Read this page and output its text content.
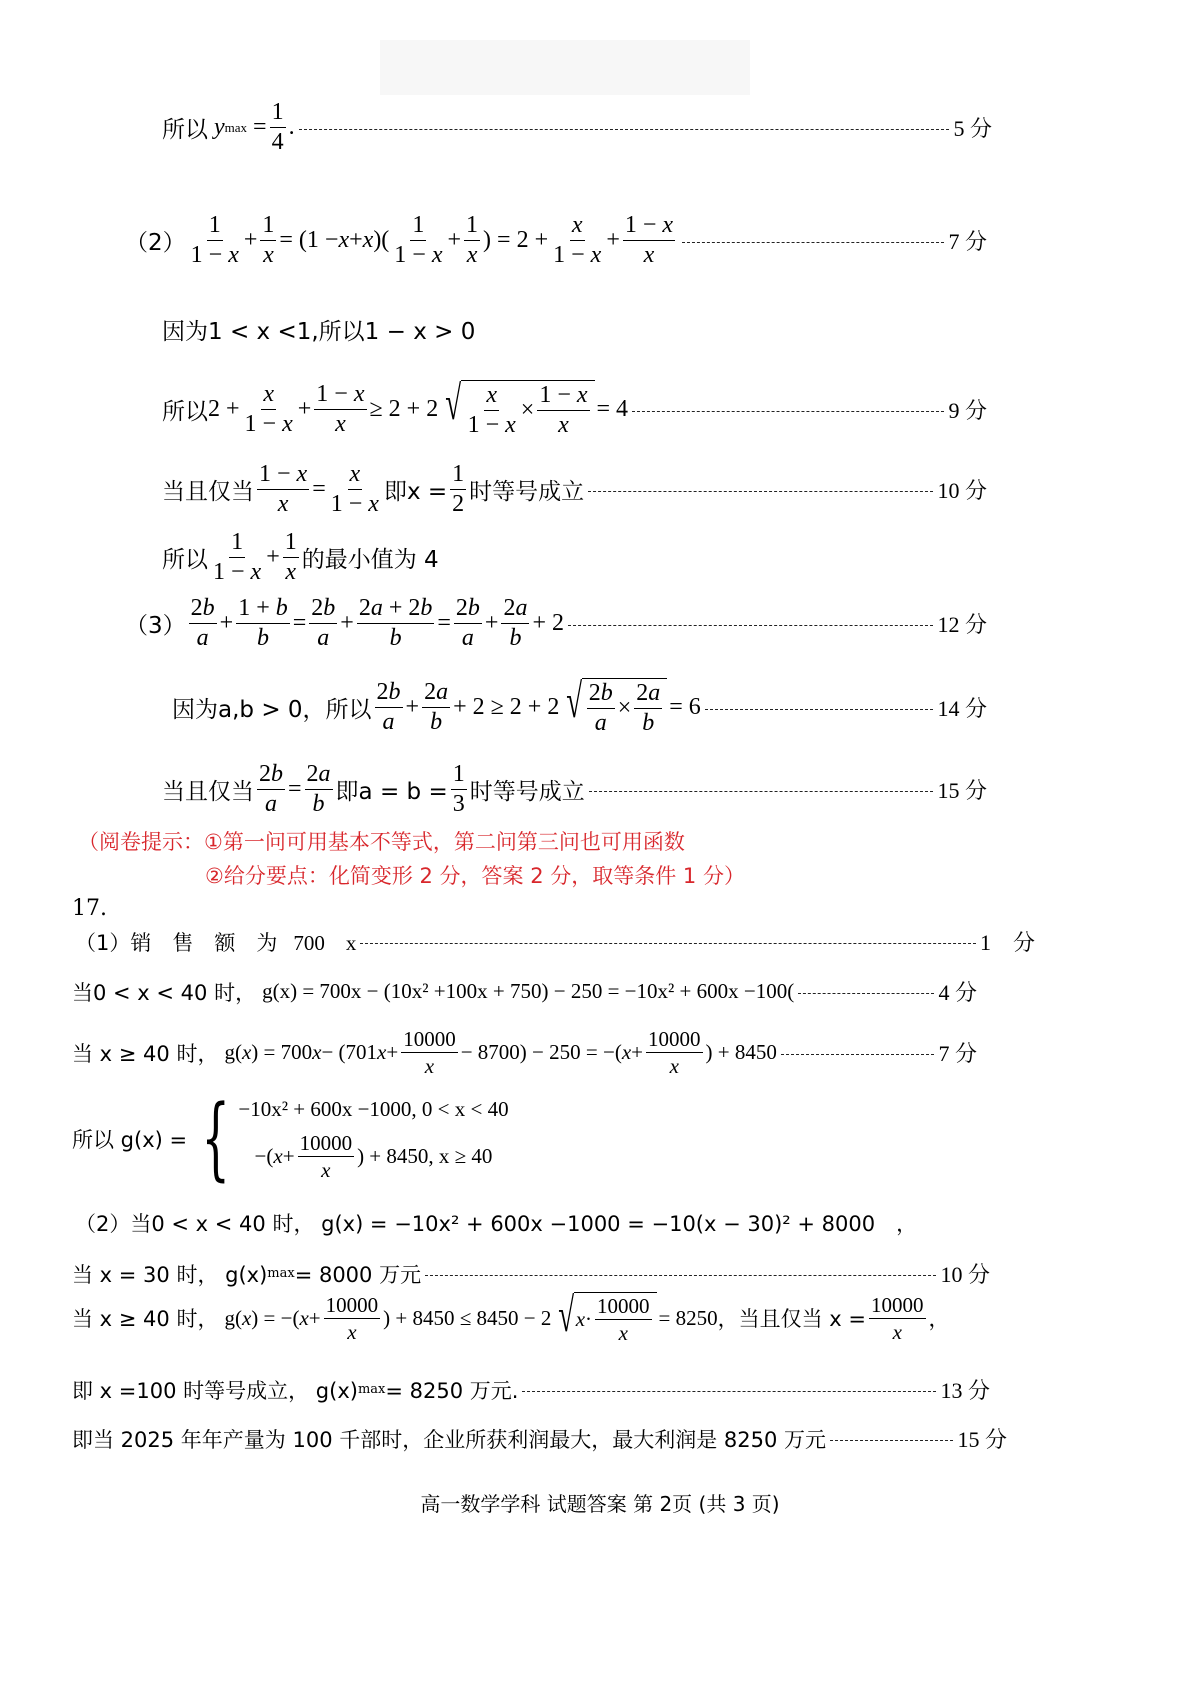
所以
y $\max = \frac{1}{4}$ .	5 分
$(2) \frac{1}{1 - x} + \frac{1}{x} = (1 - x + x$ )( $\frac{1}{1 - x} + \frac{1}{x}$ ) = $2 + \frac{x}{1 - x} + \frac{1 - x}{x}$	7 分
因为1 < x <1,所以1 − x > 0
所以 $2 + \frac{x}{1 - x} + \frac{1 - x}{x} \ge 2 + 2$ √ $\frac{x}{1 - x} \times \frac{1 - x}{x} = 4$	9 分
当且仅当 $\frac{1 - x}{x} = \frac{x}{1 - x}$ 即$x = \frac{1}{2}$ 时等号成立	10 分
所以 $\frac{1}{1 - x} + \frac{1}{x}$ 的最小值为 4
$(3) \frac{2b}{a} + \frac{1 + b}{b} = \frac{2b}{a} + \frac{2a + 2b}{b} = \frac{2b}{a} + \frac{2a}{b} + 2$	12 分
因为 a,b > 0，所以 $\frac{2b}{a} + \frac{2a}{b} + 2 \ge 2 + 2$ √ $\frac{2b}{a} \times \frac{2a}{b} = 6$	14 分
当且仅当 $\frac{2b}{a} = \frac{2a}{b}$ 即$a = b = \frac{1}{3}$ 时等号成立	15 分
（阅卷提示：①第一问可用基本不等式，第二问第三问也可用函数
②给分要点：化简变形 2 分，答案 2 分，取等条件 1 分）
17.
（1）销　售　额　为 700　x	1　分
当0 < x < 40 时， g(x) = 700x − (10x² +100x + 750) − 250 = −10x² + 600x −100(	4 分
当 x ≥ 40 时， g( x ) = 700 x − (701 $x + \frac{10000}{x} - 8700) - 250$ = −( $x + \frac{10000}{x}$ ) + 8450	7 分
所以 g(x) = { −10x² + 600x −1000, 0 < x < 40
−( $x + \frac{10000}{x}$ ) + 8450, x ≥ 40
（2）当0 < x < 40 时， g(x) = −10x² + 600x −1000 = −10(x − 30)² + 8000　，
当 x = 30 时， g(x) max = 8000 万元	10 分
当 x ≥ 40 时， g( x ) = −( $x + \frac{10000}{x}$ ) + 8450 ≤ 8450 − 2 √ $x \cdot \frac{10000}{x} = 8250$ ，当且仅当 $x = \frac{10000}{x}$ ，
即 x =100 时等号成立， g(x) max = 8250 万元.	13 分
即当 2025 年年产量为 100 千部时，企业所获利润最大，最大利润是 8250 万元	15 分
高一数学学科 试题答案 第 2页 (共 3 页)
